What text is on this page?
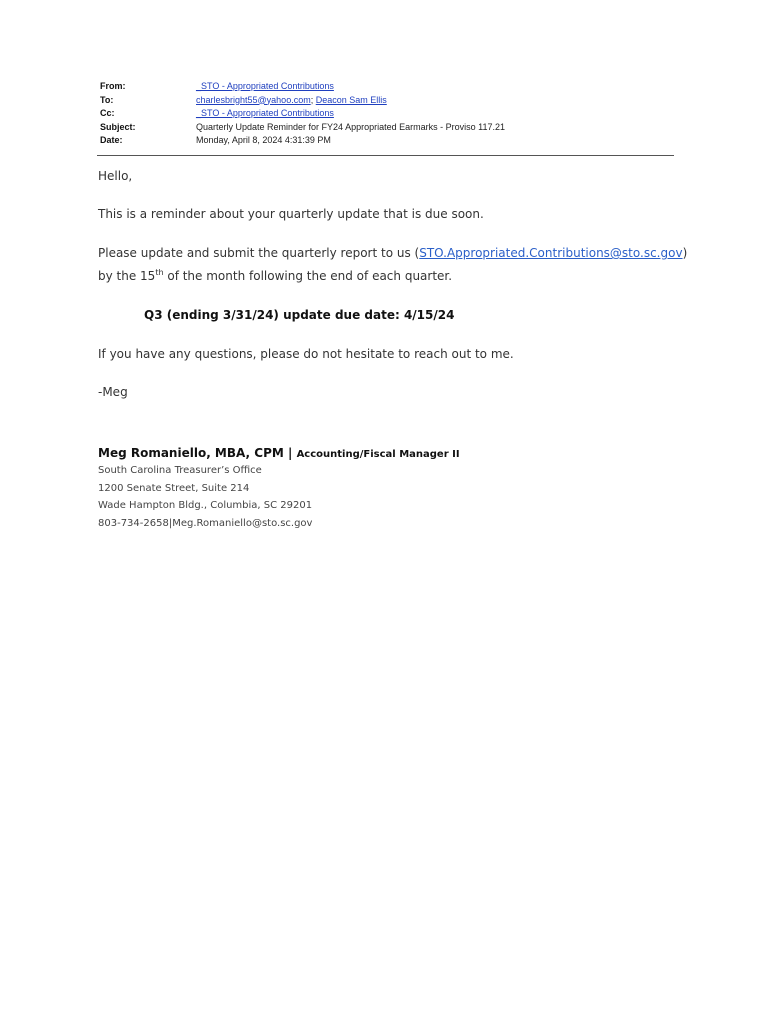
From:	_STO - Appropriated Contributions
To:	charlesbright55@yahoo.com; Deacon Sam Ellis
Cc:	_STO - Appropriated Contributions
Subject:	Quarterly Update Reminder for FY24 Appropriated Earmarks - Proviso 117.21
Date:	Monday, April 8, 2024 4:31:39 PM

Hello,

This is a reminder about your quarterly update that is due soon.

Please update and submit the quarterly report to us (STO.Appropriated.Contributions@sto.sc.gov)

by the 15th of the month following the end of each quarter.

Q3 (ending 3/31/24) update due date: 4/15/24

If you have any questions, please do not hesitate to reach out to me.

-Meg

Meg Romaniello, MBA, CPM | Accounting/Fiscal Manager II
South Carolina Treasurer’s Office
1200 Senate Street, Suite 214
Wade Hampton Bldg., Columbia, SC 29201
803-734-2658|Meg.Romaniello@sto.sc.gov
